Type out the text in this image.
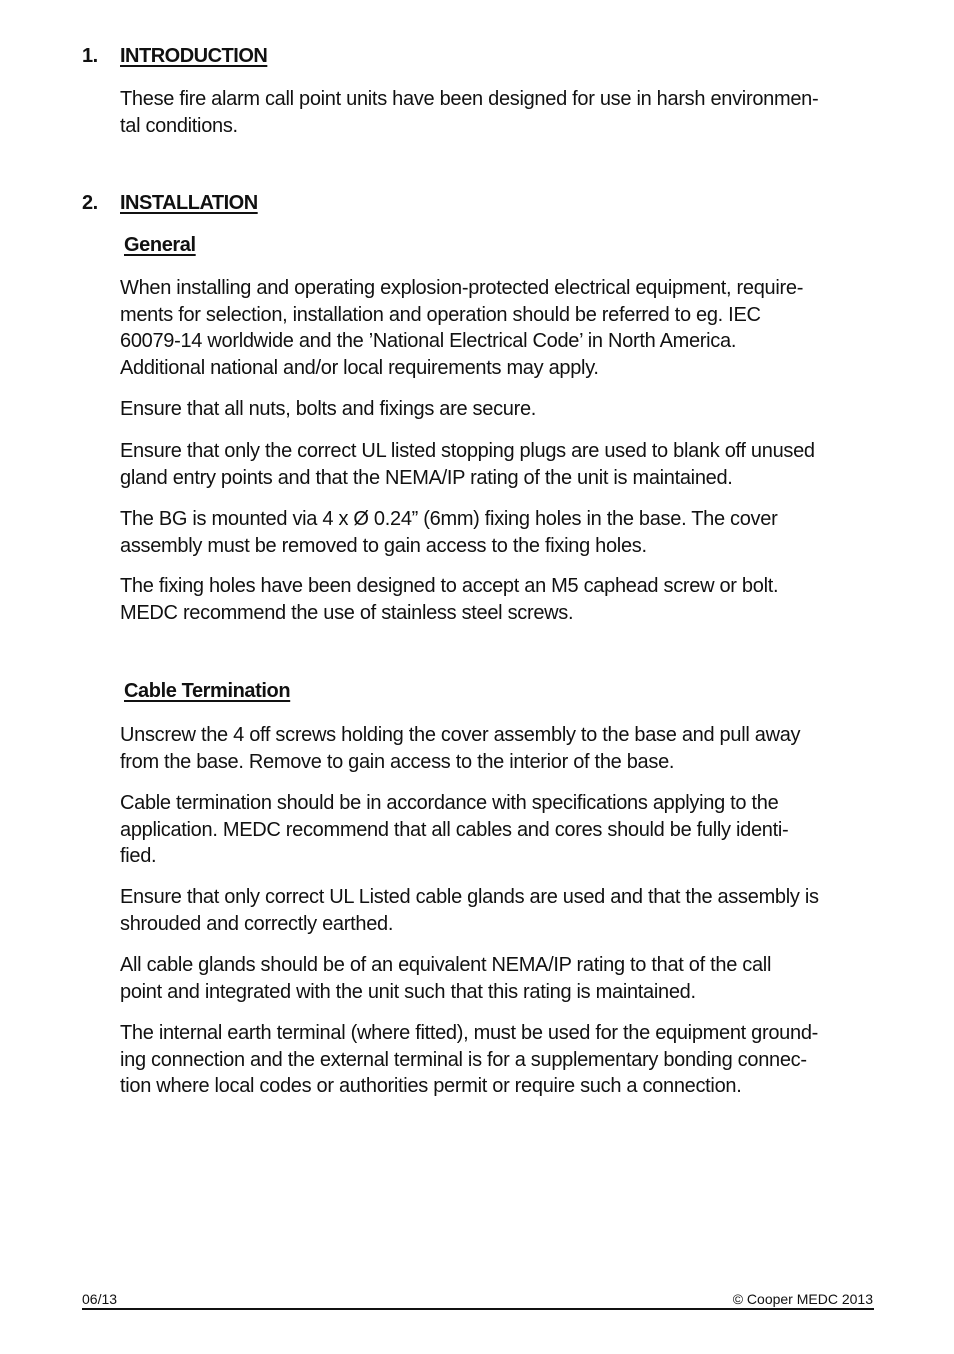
1. INTRODUCTION
These fire alarm call point units have been designed for use in harsh environmen-
tal conditions.
2. INSTALLATION
General
When installing and operating explosion-protected electrical equipment, require-
ments for selection, installation and operation should be referred to eg. IEC
60079-14 worldwide and the ’National Electrical Code’ in North America.
Additional national and/or local requirements may apply.
Ensure that all nuts, bolts and fixings are secure.
Ensure that only the correct UL listed stopping plugs are used to blank off unused
gland entry points and that the NEMA/IP rating of the unit is maintained.
The BG is mounted via 4 x Ø 0.24” (6mm) fixing holes in the base. The cover
assembly must be removed to gain access to the fixing holes.
The fixing holes have been designed to accept an M5 caphead screw or bolt.
MEDC recommend the use of stainless steel screws.
Cable Termination
Unscrew the 4 off screws holding the cover assembly to the base and pull away
from the base. Remove to gain access to the interior of the base.
Cable termination should be in accordance with specifications applying to the
application. MEDC recommend that all cables and cores should be fully identi-
fied.
Ensure that only correct UL Listed cable glands are used and that the assembly is
shrouded and correctly earthed.
All cable glands should be of an equivalent NEMA/IP rating to that of the call
point and integrated with the unit such that this rating is maintained.
The internal earth terminal (where fitted), must be used for the equipment ground-
ing connection and the external terminal is for a supplementary bonding connec-
tion where local codes or authorities permit or require such a connection.
06/13	© Cooper MEDC 2013
